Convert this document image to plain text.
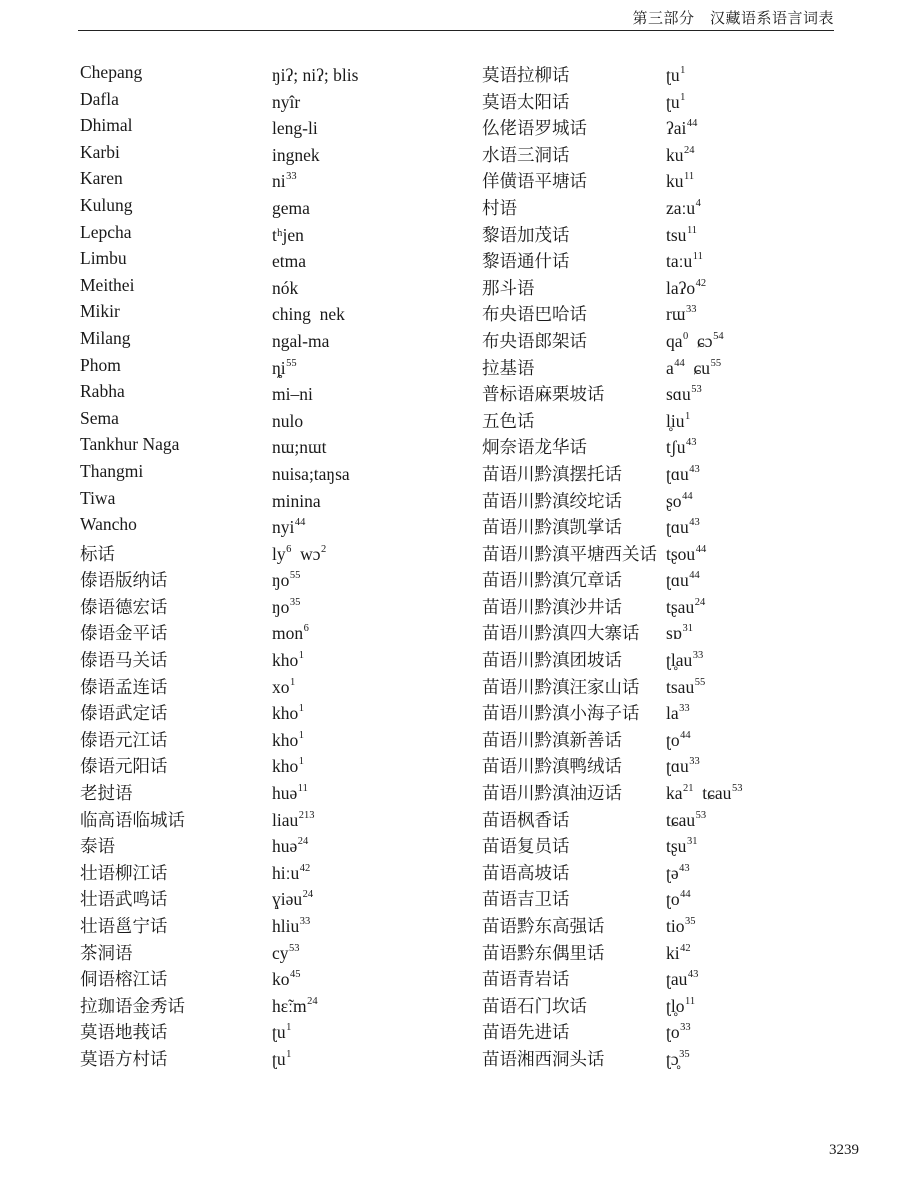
第三部分　汉藏语系语言词表
Chepang	ŋiʔ; niʔ; blis
Dafla	nyîr
Dhimal	leng-li
Karbi	ingnek
Karen	$ni^{33}$
Kulung	gema
Lepcha	tʰjen
Limbu	etma
Meithei	nók
Mikir	ching  nek
Milang	ngal-ma
Phom	$ȵi^{55}$
Rabha	mi–ni
Sema	nulo
Tankhur Naga	nɯ;nɯt
Thangmi	nuisa;taŋsa
Tiwa	minina
Wancho	nyi$^{44}$
标话	$ly^6$  wɔ$^2$
傣语版纳话	$ŋo^{55}$
傣语德宏话	$ŋo^{35}$
傣语金平话	mon$^6$
傣语马关话	kho$^1$
傣语孟连话	$xo^1$
傣语武定话	kho$^1$
傣语元江话	kho$^1$
傣语元阳话	kho$^1$
老挝语	huə$^{11}$
临高语临城话	liau$^{213}$
泰语	huə$^{24}$
壮语柳江话	hiːu$^{42}$
壮语武鸣话	ɣiəu$^{24}$
壮语邕宁话	hliu$^{33}$
茶洞语	$cy^{53}$
侗语榕江话	$ko^{45}$
拉珈语金秀话	hɛ̃ːm$^{24}$
莫语地莪话	ʈu$^1$
莫语方村话	ʈu$^1$
莫语拉柳话	ʈu$^1$
莫语太阳话	ʈu$^1$
仫佬语罗城话	ʔai$^{44}$
水语三洞话	$ku^{24}$
佯僙语平塘话	$ku^{11}$
村语	zaːu$^4$
黎语加茂话	tsu$^{11}$
黎语通什话	taːu$^{11}$
那斗语	laʔo$^{42}$
布央语巴哈话	rɯ$^{33}$
布央语郎架话	$qa^0$  ɕɔ$^{54}$
拉基语	$a^{44}$  ɕu$^{55}$
普标语麻栗坡话	sɑu$^{53}$
五色话	$l̥iu^1$
炯奈语龙华话	tʃu$^{43}$
苗语川黔滇摆托话	ʈɑu$^{43}$
苗语川黔滇绞坨话	ʂo$^{44}$
苗语川黔滇凯掌话	ʈɑu$^{43}$
苗语川黔滇平塘西关话 tʂou$^{44}$
苗语川黔滇冗章话	ʈɑu$^{44}$
苗语川黔滇沙井话	tʂau$^{24}$
苗语川黔滇四大寨话 sɒ$^{31}$
苗语川黔滇团坡话	$ʈl̥au^{33}$
苗语川黔滇汪家山话 tsau$^{55}$
苗语川黔滇小海子话 $la^{33}$
苗语川黔滇新善话	ʈo$^{44}$
苗语川黔滇鸭绒话	ʈɑu$^{33}$
苗语川黔滇油迈话	$ka^{21}$  tɕau$^{53}$
苗语枫香话	tɕau$^{53}$
苗语复员话	tʂu$^{31}$
苗语高坡话	ʈə$^{43}$
苗语吉卫话	ʈo$^{44}$
苗语黔东高强话	tio$^{35}$
苗语黔东偶里话	$ki^{42}$
苗语青岩话	ʈau$^{43}$
苗语石门坎话	$ʈl̥o^{11}$
苗语先进话	ʈo$^{33}$
苗语湘西洞头话	ʈɔ̥$^{35}$
3239
